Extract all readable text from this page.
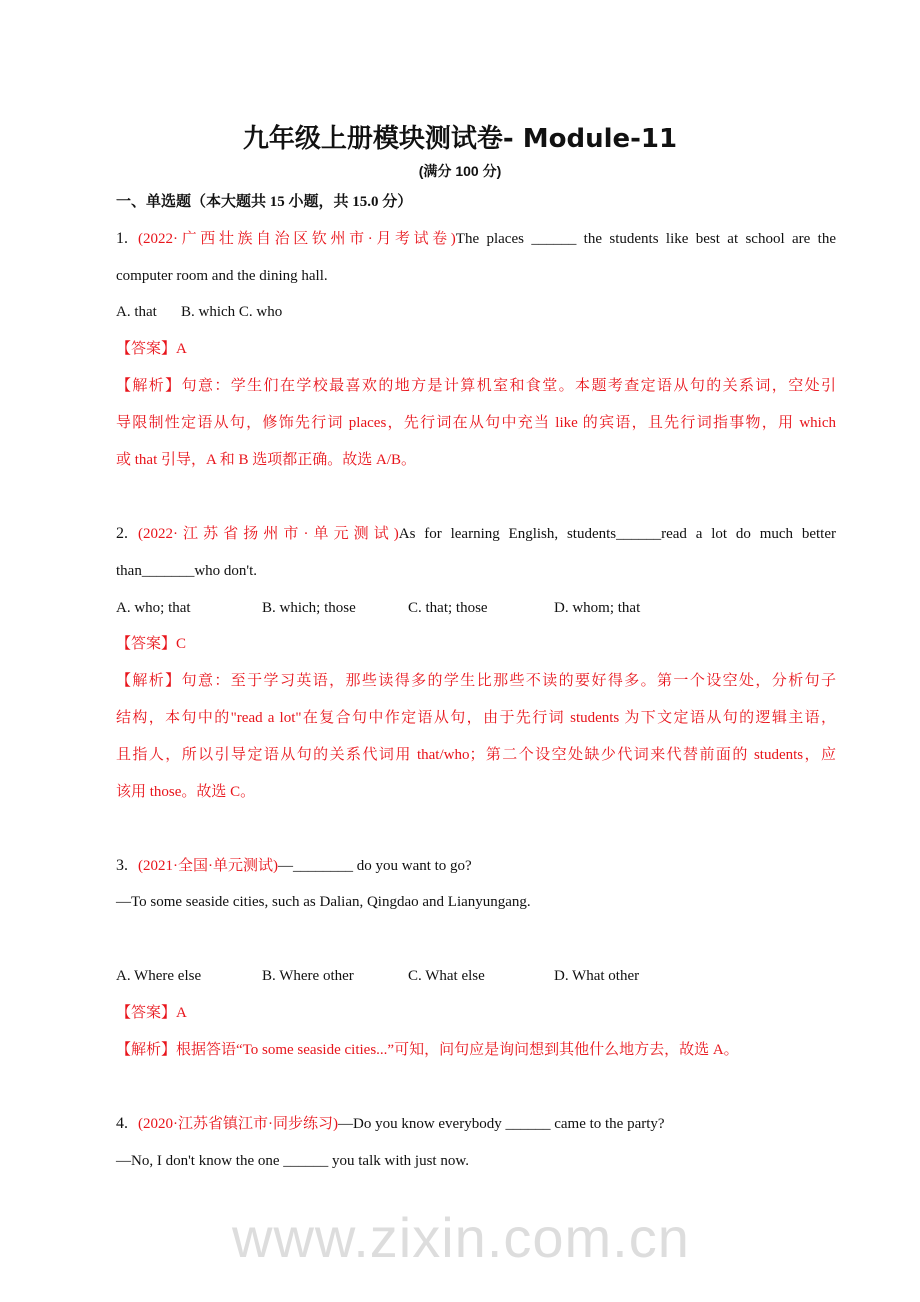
九年级上册模块测试卷- Module-11
(满分 100 分)
一、单选题（本大题共 15 小题，共 15.0 分）
1. (2022·广西壮族自治区钦州市·月考试卷)The places ______ the students like best at school are the
computer room and the dining hall.
A. that B. which C. who
【答案】A
【解析】句意：学生们在学校最喜欢的地方是计算机室和食堂。本题考查定语从句的关系词，空处引
导限制性定语从句，修饰先行词 places，先行词在从句中充当 like 的宾语，且先行词指事物，用 which
或 that 引导，A 和 B 选项都正确。故选 A/B。
2. (2022·江苏省扬州市·单元测试)As for learning English, students______read a lot do much better
than_______who don't.
A. who; that	B. which; those	C. that; those	D. whom; that
【答案】C
【解析】句意：至于学习英语，那些读得多的学生比那些不读的要好得多。第一个设空处，分析句子
结构，本句中的"read a lot"在复合句中作定语从句，由于先行词 students 为下文定语从句的逻辑主语，
且指人，所以引导定语从句的关系代词用 that/who；第二个设空处缺少代词来代替前面的 students，应
该用 those。故选 C。
3. (2021·全国·单元测试)—________ do you want to go?
—To some seaside cities, such as Dalian, Qingdao and Lianyungang.
A. Where else	B. Where other	C. What else	D. What other
【答案】A
【解析】根据答语“To some seaside cities...”可知，问句应是询问想到其他什么地方去，故选 A。
4. (2020·江苏省镇江市·同步练习)—Do you know everybody ______ came to the party?
—No, I don't know the one ______ you talk with just now.
www.zixin.com.cn
